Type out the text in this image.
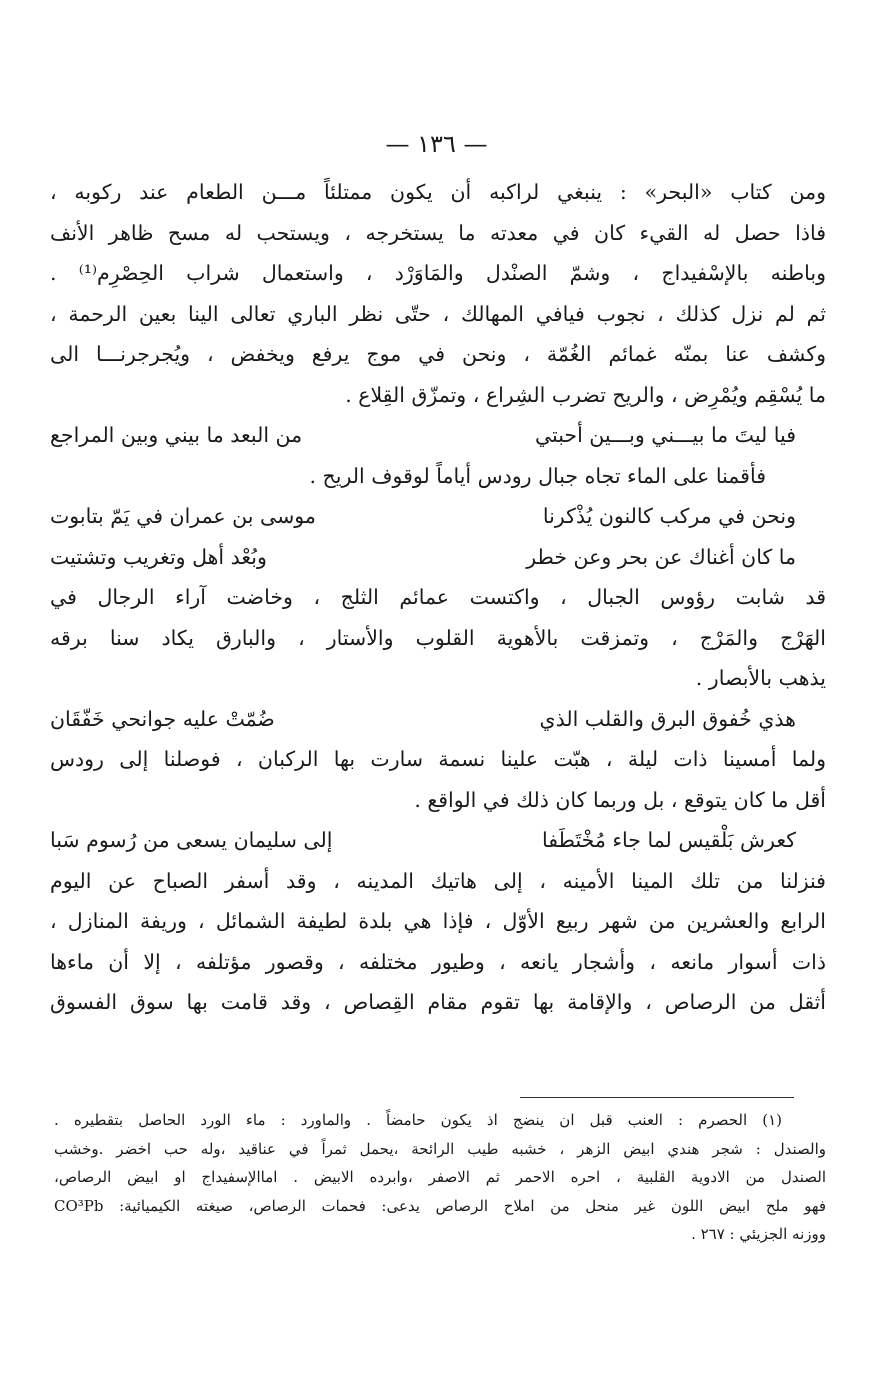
— ١٣٦ —
ومن كتاب «البحر» : ينبغي لراكبه أن يكون ممتلئاً مـــن الطعام عند ركوبه ،
فاذا حصل له القيء كان في معدته ما يستخرجه ، ويستحب له مسح ظاهر الأنف
وباطنه بالإسْفيداج ، وشمّ الصنْدل والمَاوَرْد ، واستعمال شراب الحِصْرِم⁽¹⁾ .
ثم لم نزل كذلك ، نجوب فيافي المهالك ، حتّى نظر الباري تعالى الينا بعين الرحمة ،
وكشف عنا بمنّه غمائم الغُمّة ، ونحن في موج يرفع ويخفض ، ويُجرجرنـــا الى
ما يُسْقِم ويُمْرِض ، والريح تضرب الشِراع ، وتمزّق القِلاع .
فيا ليتَ ما بيـــني وبـــين أحبتي
من البعد ما بيني وبين المراجع
فأقمنا على الماء تجاه جبال رودس أياماً لوقوف الريح .
ونحن في مركب كالنون يُذْكرنا
موسى بن عمران في يَمّ بتابوت
ما كان أغناك عن بحر وعن خطر
وبُعْد أهل وتغريب وتشتيت
قد شابت رؤوس الجبال ، واكتست عمائم الثلج ، وخاضت آراء الرجال في
الهَرْج والمَرْج ، وتمزقت بالأهوية القلوب والأستار ، والبارق يكاد سنا برقه
يذهب بالأبصار .
هذي خُفوق البرق والقلب الذي
ضُمّتْ عليه جوانحي خَفّقَان
ولما أمسينا ذات ليلة ، هبّت علينا نسمة سارت بها الركبان ، فوصلنا إلى رودس
أقل ما كان يتوقع ، بل وربما كان ذلك في الواقع .
كعرش بَلْقيس لما جاء مُخْتَطَفا
إلى سليمان يسعى من رُسوم سَبا
فنزلنا من تلك المينا الأمينه ، إلى هاتيك المدينه ، وقد أسفر الصباح عن اليوم
الرابع والعشرين من شهر ربيع الأوّل ، فإذا هي بلدة لطيفة الشمائل ، وريفة المنازل ،
ذات أسوار مانعه ، وأشجار يانعه ، وطيور مختلفه ، وقصور مؤتلفه ، إلا أن ماءها
أثقل من الرصاص ، والإقامة بها تقوم مقام القِصاص ، وقد قامت بها سوق الفسوق
(١) الحصرم : العنب قبل ان ينضج اذ يكون حامضاً . والماورد : ماء الورد الحاصل بتقطيره .
والصندل : شجر هندي ابيض الزهر ، خشبه طيب الرائحة ،يحمل ثمراً في عناقيد ،وله حب اخضر .وخشب
الصندل من الادوية القلبية ، احره الاحمر ثم الاصفر ،وابرده الابيض . اماالإسفيداج او ابيض الرصاص،
فهو ملح ابيض اللون غير منحل من املاح الرصاص يدعى: فحمات الرصاص، صيغته الكيميائية: CO³Pb
ووزنه الجزيئي : ٢٦٧ .
